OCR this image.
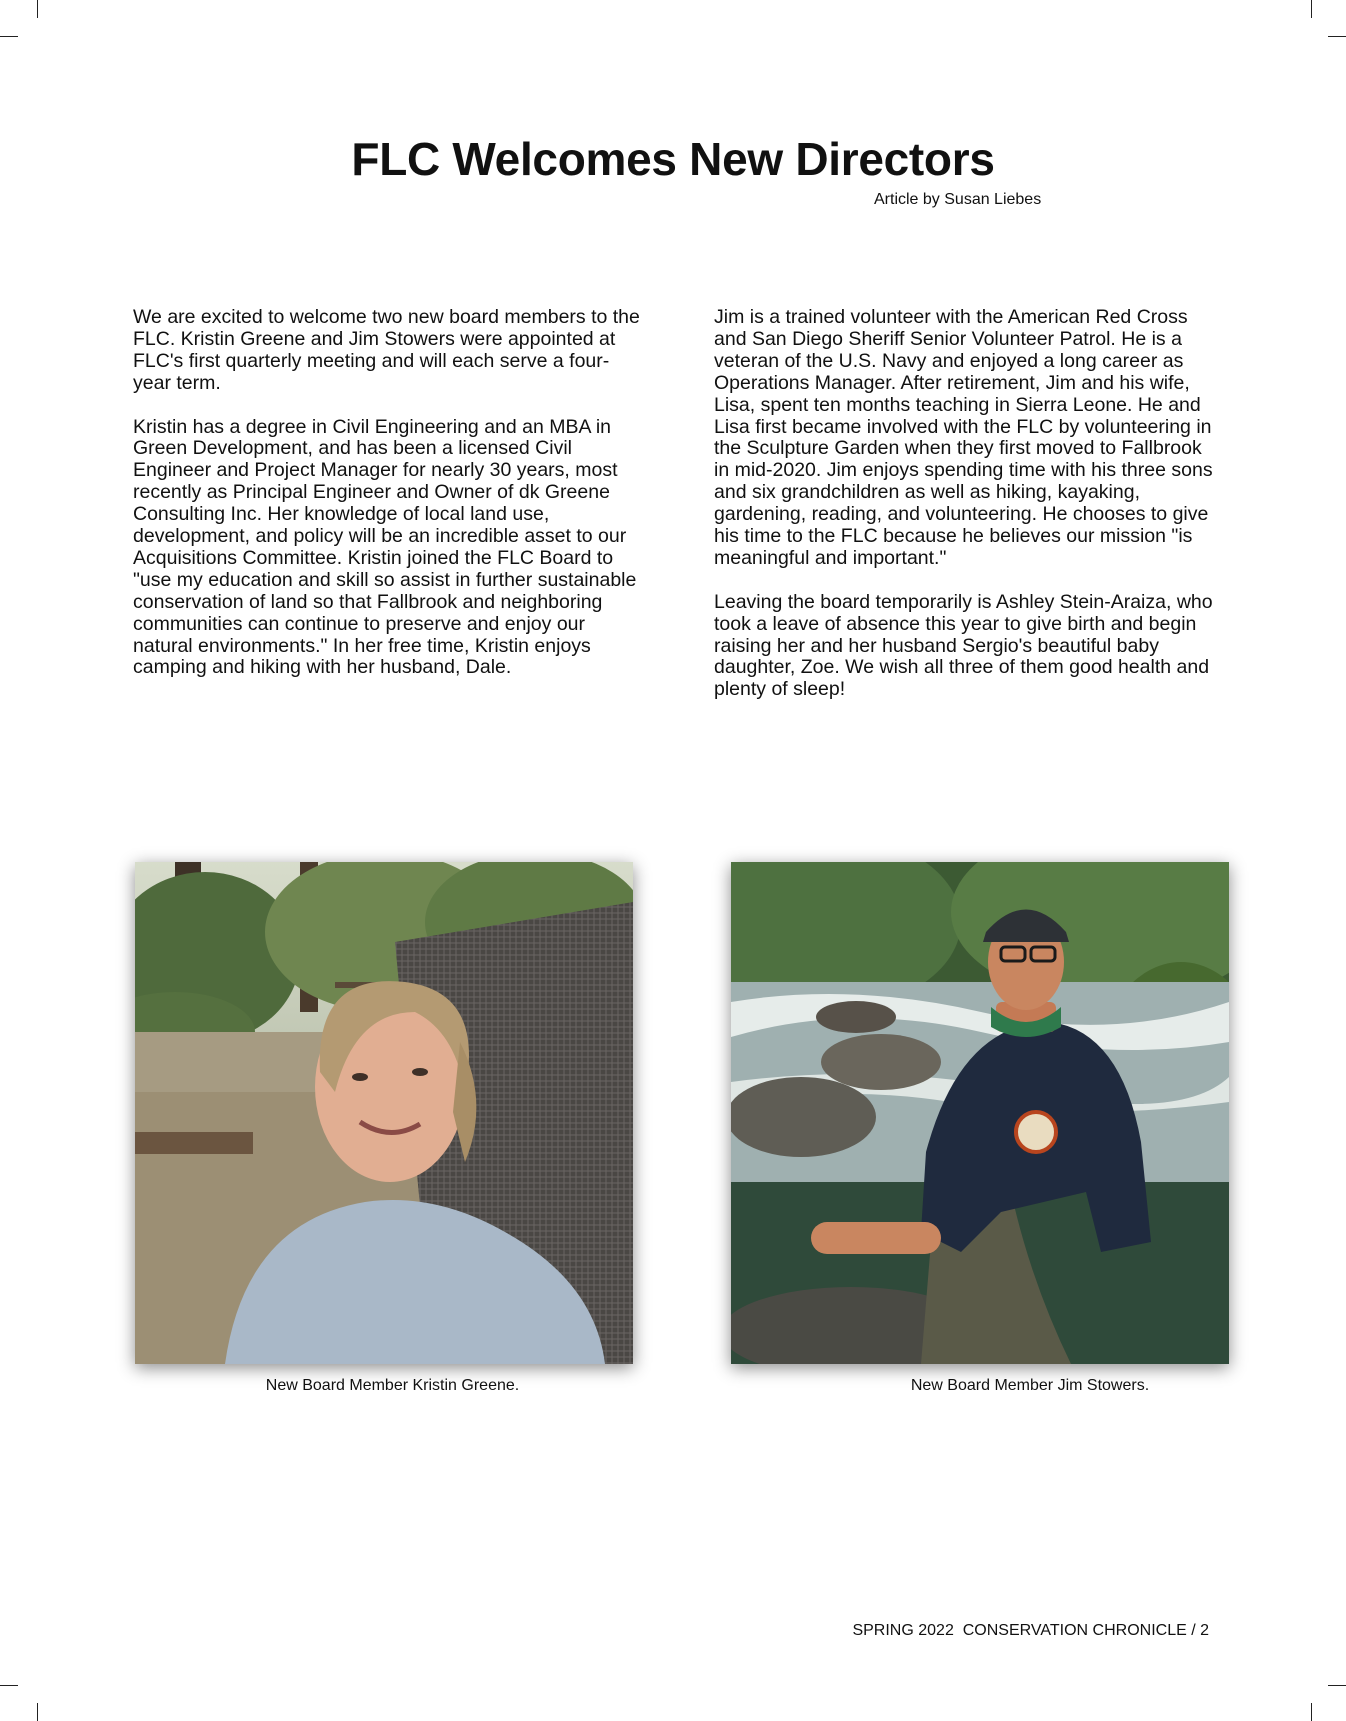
FLC Welcomes New Directors

Article by Susan Liebes

We are excited to welcome two new board members to the FLC. Kristin Greene and Jim Stowers were appointed at FLC's first quarterly meeting and will each serve a four-year term.

Kristin has a degree in Civil Engineering and an MBA in Green Development, and has been a licensed Civil Engineer and Project Manager for nearly 30 years, most recently as Principal Engineer and Owner of dk Greene Consulting Inc. Her knowledge of local land use, development, and policy will be an incredible asset to our Acquisitions Committee. Kristin joined the FLC Board to "use my education and skill so assist in further sustainable conservation of land so that Fallbrook and neighboring communities can continue to preserve and enjoy our natural environments." In her free time, Kristin enjoys camping and hiking with her husband, Dale.

Jim is a trained volunteer with the American Red Cross and San Diego Sheriff Senior Volunteer Patrol. He is a veteran of the U.S. Navy and enjoyed a long career as Operations Manager. After retirement, Jim and his wife, Lisa, spent ten months teaching in Sierra Leone. He and Lisa first became involved with the FLC by volunteering in the Sculpture Garden when they first moved to Fallbrook in mid-2020. Jim enjoys spending time with his three sons and six grandchildren as well as hiking, kayaking, gardening, reading, and volunteering. He chooses to give his time to the FLC because he believes our mission "is meaningful and important."

Leaving the board temporarily is Ashley Stein-Araiza, who took a leave of absence this year to give birth and begin raising her and her husband Sergio's beautiful baby daughter, Zoe. We wish all three of them good health and plenty of sleep!

New Board Member Kristin Greene.	New Board Member Jim Stowers.

SPRING 2022  CONSERVATION CHRONICLE / 2
